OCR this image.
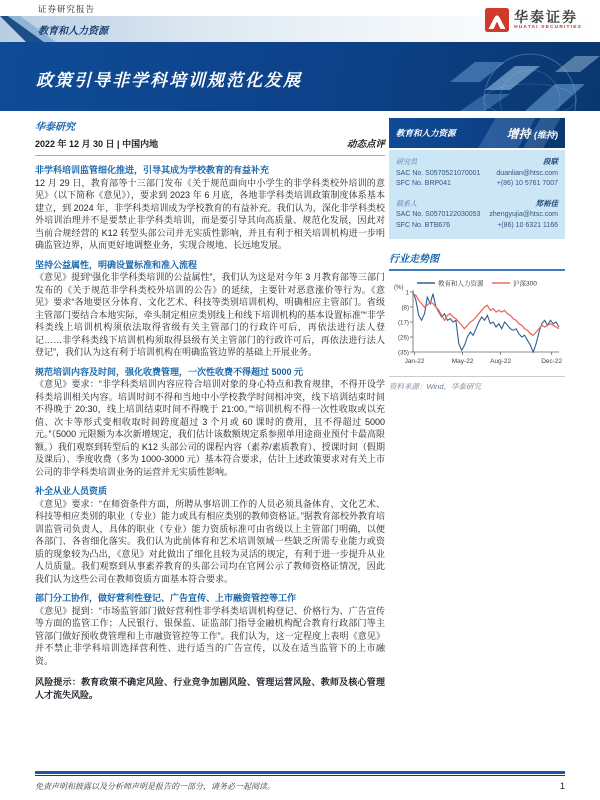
证券研究报告
教育和人力资源
华泰证券
HUATAI SECURITIES
政策引导非学科培训规范化发展
华泰研究
2022 年 12 月 30 日 | 中国内地	动态点评
非学科培训监管细化推进，引导其成为学校教育的有益补充
12 月 29 日，教育部等十三部门发布《关于规范面向中小学生的非学科类校外培训的意见》（以下简称《意见》），要求到 2023 年 6 月底，各地非学科类培训政策制度体系基本建立，到 2024 年，非学科类培训成为学校教育的有益补充。我们认为，深化非学科类校外培训治理并不是要禁止非学科类培训，而是要引导其向高质量、规范化发展，因此对当前合规经营的 K12 转型头部公司并无实质性影响，并且有利于相关培训机构进一步明确监管边界，从而更好地调整业务，实现合规地、长远地发展。
坚持公益属性，明确设置标准和准入流程
《意见》提到“强化非学科类培训的公益属性”，我们认为这是对今年 3 月教育部等三部门发布的《关于规范非学科类校外培训的公告》的延续，主要针对恶意涨价等行为。《意见》要求“各地要区分体育、文化艺术、科技等类别培训机构，明确相应主管部门。省级主管部门要结合本地实际，牵头制定相应类别线上和线下培训机构的基本设置标准”“非学科类线上培训机构须依法取得省级有关主管部门的行政许可后，再依法进行法人登记……非学科类线下培训机构须取得县级有关主管部门的行政许可后，再依法进行法人登记”，我们认为这有利于培训机构在明确监管边界的基础上开展业务。
规范培训内容及时间，强化收费管理，一次性收费不得超过 5000 元
《意见》要求：“非学科类培训内容应符合培训对象的身心特点和教育规律，不得开设学科类培训相关内容。培训时间不得和当地中小学校教学时间相冲突，线下培训结束时间不得晚于 20:30，线上培训结束时间不得晚于 21:00。”“培训机构不得一次性收取或以充值、次卡等形式变相收取时间跨度超过 3 个月或 60 课时的费用，且不得超过 5000 元。”（5000 元限额为本次新增规定，我们估计该数额规定系参照单用途商业预付卡最高限额。）我们观察到转型后的 K12 头部公司的课程内容（素养/素质教育）、授课时间（假期及课后）、季度收费（多为 1000-3000 元）基本符合要求，估计上述政策要求对有关上市公司的非学科类培训业务的运营并无实质性影响。
补全从业人员资质
《意见》要求：“在师资条件方面，所聘从事培训工作的人员必须具备体育、文化艺术、科技等相应类别的职业（专业）能力或具有相应类别的教师资格证。”据教育部校外教育培训监管司负责人，具体的职业（专业）能力资质标准可由省级以上主管部门明确，以便各部门、各省细化落实。我们认为此前体育和艺术培训领域一些缺乏所需专业能力或资质的现象较为凸出，《意见》对此做出了细化且较为灵活的规定，有利于进一步提升从业人员质量。我们观察到从事素养教育的头部公司均在官网公示了教师资格证情况，因此我们认为这些公司在教师资质方面基本符合要求。
部门分工协作，做好营利性登记、广告宣传、上市融资管控等工作
《意见》提到：“市场监管部门做好营利性非学科类培训机构登记、价格行为、广告宣传等方面的监管工作；人民银行、银保监、证监部门指导金融机构配合教育行政部门等主管部门做好预收费管理和上市融资管控等工作”。我们认为，这一定程度上表明《意见》并不禁止非学科培训选择营利性、进行适当的广告宣传，以及在适当监管下的上市融资。
风险提示：教育政策不确定风险、行业竞争加剧风险、管理运营风险、教师及核心管理人才流失风险。
教育和人力资源	增持 (维持)
研究员	段联
SAC No. S0570521070001 duanlian@htsc.com
SFC No. BRP041	+(86) 10 5761 7007
联系人	郑裕佳
SAC No. S0570122030053 zhengyujia@htsc.com
SFC No. BTB676	+(86) 10 6321 1166
行业走势图
教育和人力资源	沪深300
(%)
1
(8)
(17)
(26)
(35)
Jan-22	May-22	Aug-22	Dec-22
资料来源：Wind，华泰研究
免责声明和披露以及分析师声明是报告的一部分，请务必一起阅读。	1
